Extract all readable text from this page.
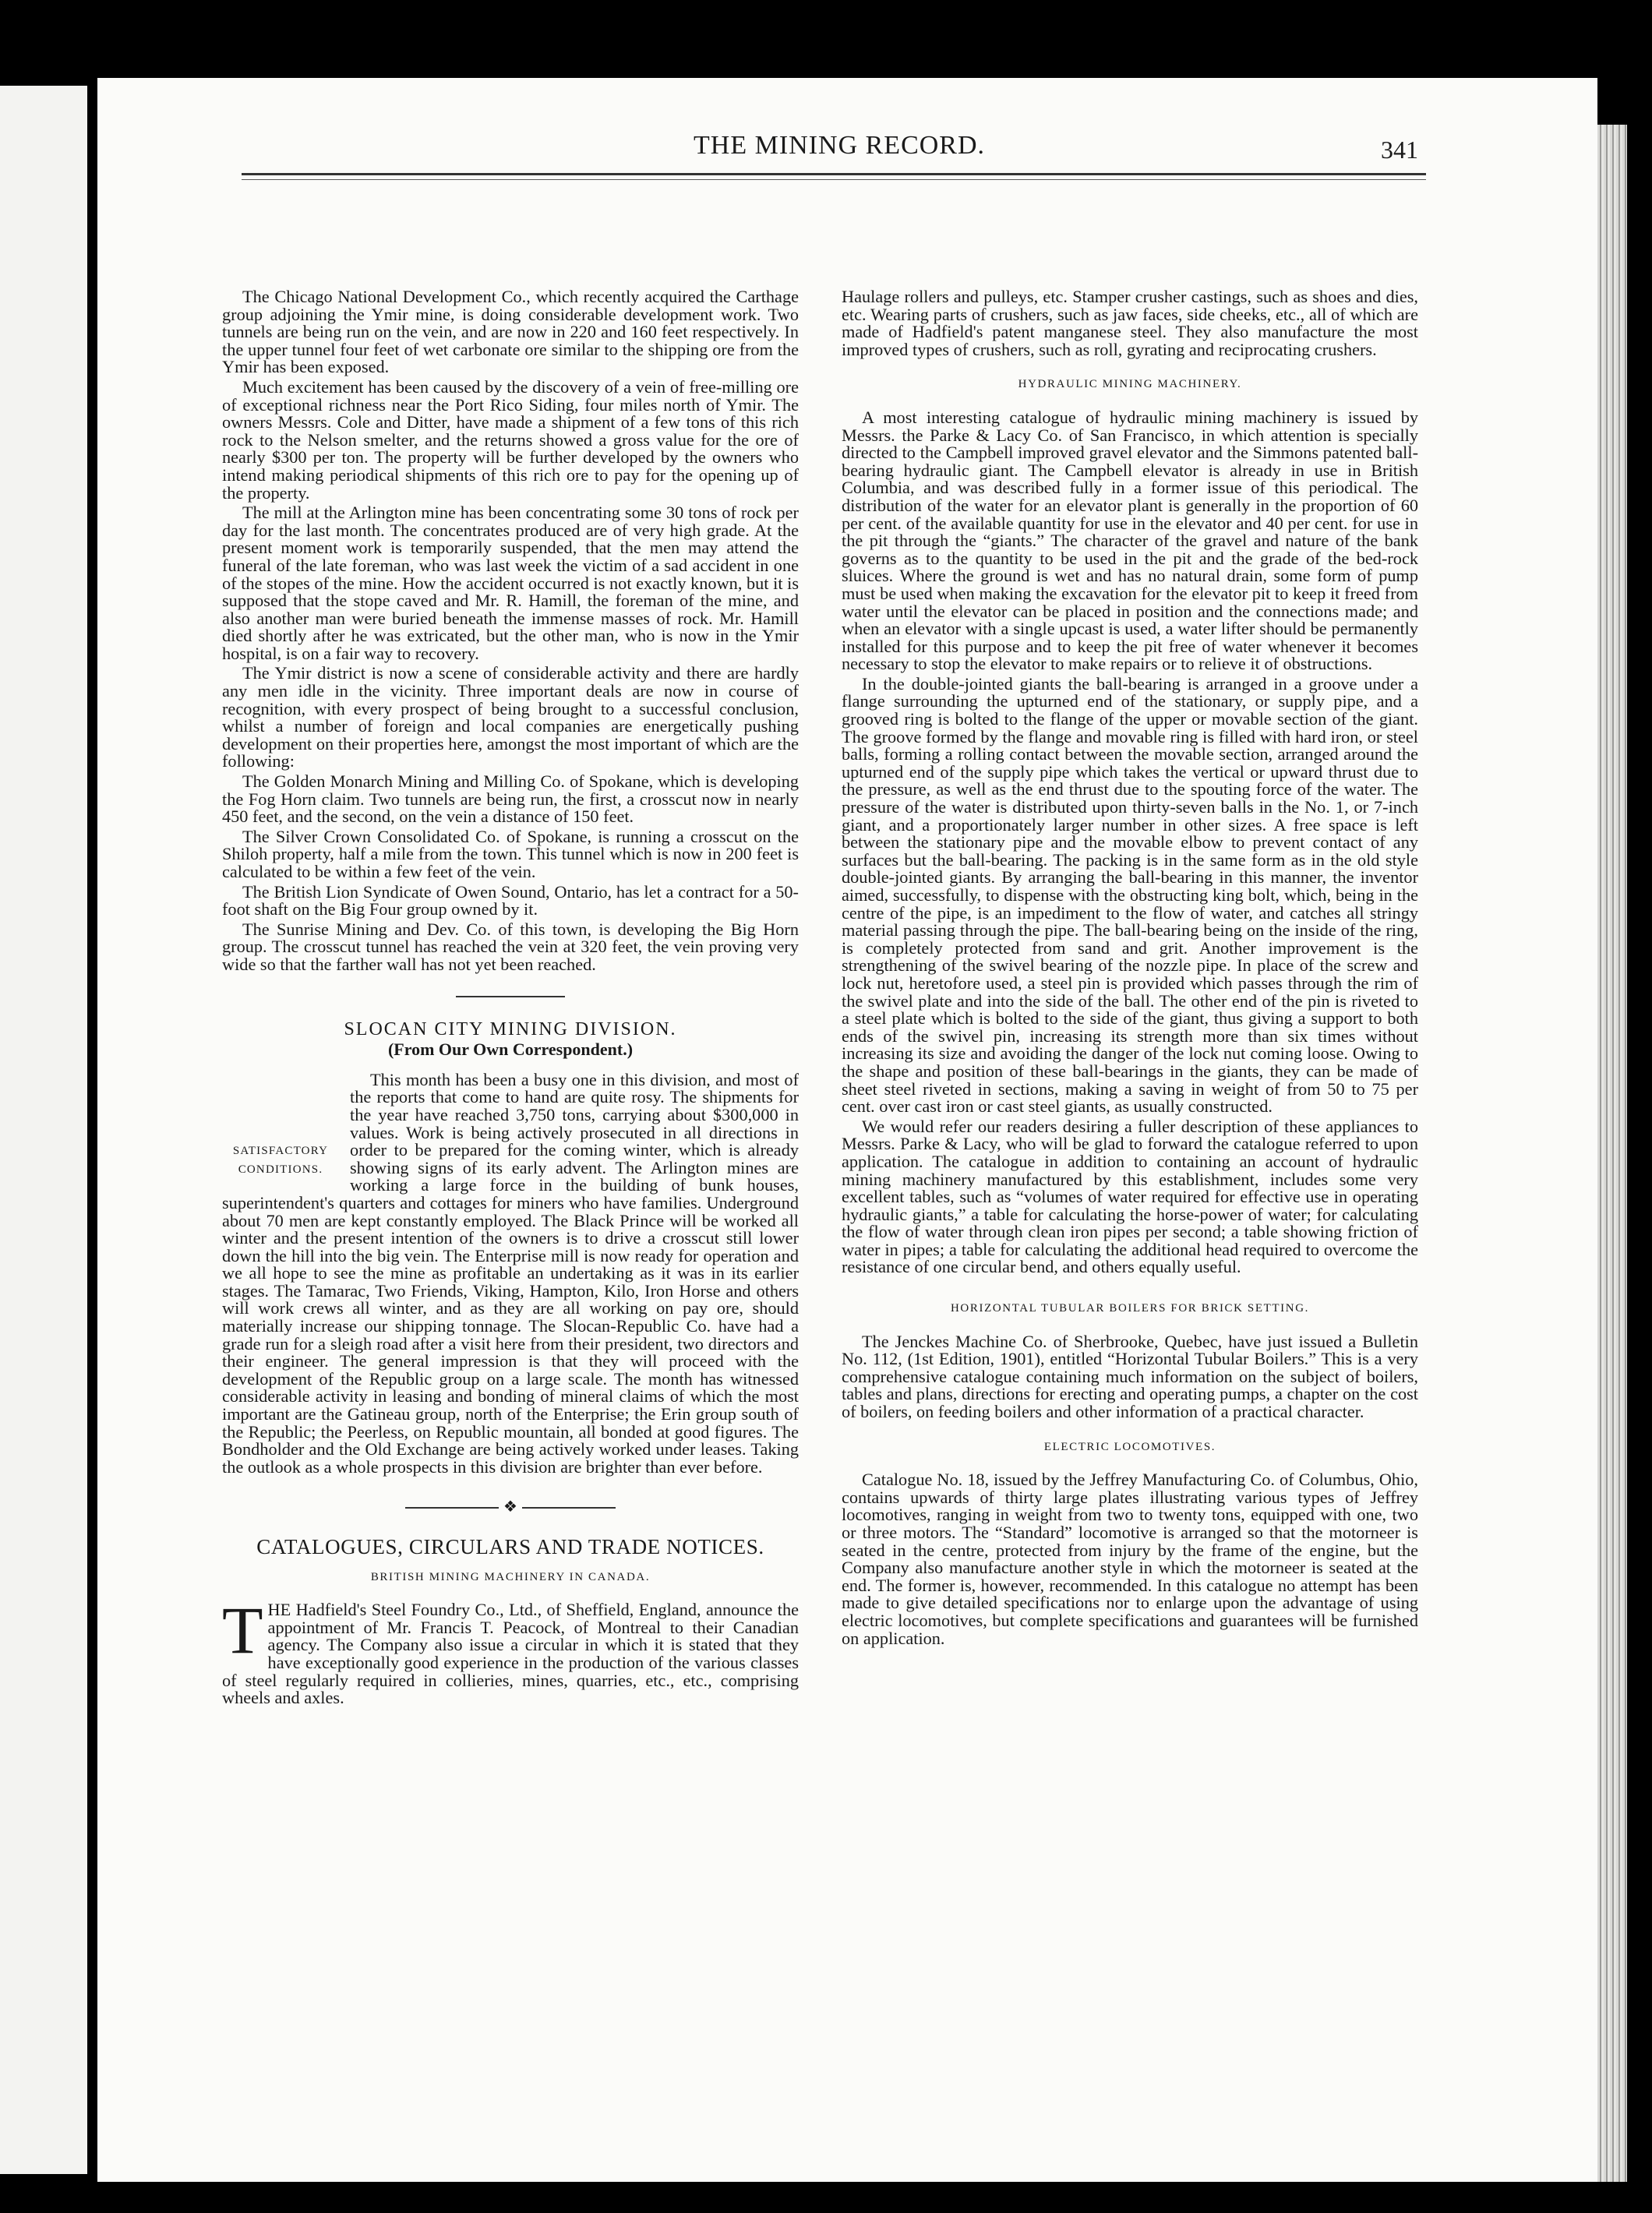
THE MINING RECORD.	341

The Chicago National Development Co., which recently acquired the Carthage group adjoining the Ymir mine, is doing considerable development work. Two tunnels are being run on the vein, and are now in 220 and 160 feet respectively. In the upper tunnel four feet of wet carbonate ore similar to the shipping ore from the Ymir has been exposed.

Much excitement has been caused by the discovery of a vein of free-milling ore of exceptional richness near the Port Rico Siding, four miles north of Ymir. The owners Messrs. Cole and Ditter, have made a shipment of a few tons of this rich rock to the Nelson smelter, and the returns showed a gross value for the ore of nearly $300 per ton. The property will be further developed by the owners who intend making periodical shipments of this rich ore to pay for the opening up of the property.

The mill at the Arlington mine has been concentrating some 30 tons of rock per day for the last month. The concentrates produced are of very high grade. At the present moment work is temporarily suspended, that the men may attend the funeral of the late foreman, who was last week the victim of a sad accident in one of the stopes of the mine. How the accident occurred is not exactly known, but it is supposed that the stope caved and Mr. R. Hamill, the foreman of the mine, and also another man were buried beneath the immense masses of rock. Mr. Hamill died shortly after he was extricated, but the other man, who is now in the Ymir hospital, is on a fair way to recovery.

The Ymir district is now a scene of considerable activity and there are hardly any men idle in the vicinity. Three important deals are now in course of recognition, with every prospect of being brought to a successful conclusion, whilst a number of foreign and local companies are energetically pushing development on their properties here, amongst the most important of which are the following:

The Golden Monarch Mining and Milling Co. of Spokane, which is developing the Fog Horn claim. Two tunnels are being run, the first, a crosscut now in nearly 450 feet, and the second, on the vein a distance of 150 feet.

The Silver Crown Consolidated Co. of Spokane, is running a crosscut on the Shiloh property, half a mile from the town. This tunnel which is now in 200 feet is calculated to be within a few feet of the vein.

The British Lion Syndicate of Owen Sound, Ontario, has let a contract for a 50-foot shaft on the Big Four group owned by it.

The Sunrise Mining and Dev. Co. of this town, is developing the Big Horn group. The crosscut tunnel has reached the vein at 320 feet, the vein proving very wide so that the farther wall has not yet been reached.

SLOCAN CITY MINING DIVISION.
(From Our Own Correspondent.)
SATISFACTORY
CONDITIONS.

This month has been a busy one in this division, and most of the reports that come to hand are quite rosy. The shipments for the year have reached 3,750 tons, carrying about $300,000 in values. Work is being actively prosecuted in all directions in order to be prepared for the coming winter, which is already showing signs of its early advent. The Arlington mines are working a large force in the building of bunk houses, superintendent's quarters and cottages for miners who have families. Underground about 70 men are kept constantly employed. The Black Prince will be worked all winter and the present intention of the owners is to drive a crosscut still lower down the hill into the big vein. The Enterprise mill is now ready for operation and we all hope to see the mine as profitable an undertaking as it was in its earlier stages. The Tamarac, Two Friends, Viking, Hampton, Kilo, Iron Horse and others will work crews all winter, and as they are all working on pay ore, should materially increase our shipping tonnage. The Slocan-Republic Co. have had a grade run for a sleigh road after a visit here from their president, two directors and their engineer. The general impression is that they will proceed with the development of the Republic group on a large scale. The month has witnessed considerable activity in leasing and bonding of mineral claims of which the most important are the Gatineau group, north of the Enterprise; the Erin group south of the Republic; the Peerless, on Republic mountain, all bonded at good figures. The Bondholder and the Old Exchange are being actively worked under leases. Taking the outlook as a whole prospects in this division are brighter than ever before.

❖
CATALOGUES, CIRCULARS AND TRADE NOTICES.
BRITISH MINING MACHINERY IN CANADA.

THE Hadfield's Steel Foundry Co., Ltd., of Sheffield, England, announce the appointment of Mr. Francis T. Peacock, of Montreal to their Canadian agency. The Company also issue a circular in which it is stated that they have exceptionally good experience in the production of the various classes of steel regularly required in collieries, mines, quarries, etc., etc., comprising wheels and axles.

Haulage rollers and pulleys, etc. Stamper crusher castings, such as shoes and dies, etc. Wearing parts of crushers, such as jaw faces, side cheeks, etc., all of which are made of Hadfield's patent manganese steel. They also manufacture the most improved types of crushers, such as roll, gyrating and reciprocating crushers.

HYDRAULIC MINING MACHINERY.

A most interesting catalogue of hydraulic mining machinery is issued by Messrs. the Parke & Lacy Co. of San Francisco, in which attention is specially directed to the Campbell improved gravel elevator and the Simmons patented ball-bearing hydraulic giant. The Campbell elevator is already in use in British Columbia, and was described fully in a former issue of this periodical. The distribution of the water for an elevator plant is generally in the proportion of 60 per cent. of the available quantity for use in the elevator and 40 per cent. for use in the pit through the “giants.” The character of the gravel and nature of the bank governs as to the quantity to be used in the pit and the grade of the bed-rock sluices. Where the ground is wet and has no natural drain, some form of pump must be used when making the excavation for the elevator pit to keep it freed from water until the elevator can be placed in position and the connections made; and when an elevator with a single upcast is used, a water lifter should be permanently installed for this purpose and to keep the pit free of water whenever it becomes necessary to stop the elevator to make repairs or to relieve it of obstructions.

In the double-jointed giants the ball-bearing is arranged in a groove under a flange surrounding the upturned end of the stationary, or supply pipe, and a grooved ring is bolted to the flange of the upper or movable section of the giant. The groove formed by the flange and movable ring is filled with hard iron, or steel balls, forming a rolling contact between the movable section, arranged around the upturned end of the supply pipe which takes the vertical or upward thrust due to the pressure, as well as the end thrust due to the spouting force of the water. The pressure of the water is distributed upon thirty-seven balls in the No. 1, or 7-inch giant, and a proportionately larger number in other sizes. A free space is left between the stationary pipe and the movable elbow to prevent contact of any surfaces but the ball-bearing. The packing is in the same form as in the old style double-jointed giants. By arranging the ball-bearing in this manner, the inventor aimed, successfully, to dispense with the obstructing king bolt, which, being in the centre of the pipe, is an impediment to the flow of water, and catches all stringy material passing through the pipe. The ball-bearing being on the inside of the ring, is completely protected from sand and grit. Another improvement is the strengthening of the swivel bearing of the nozzle pipe. In place of the screw and lock nut, heretofore used, a steel pin is provided which passes through the rim of the swivel plate and into the side of the ball. The other end of the pin is riveted to a steel plate which is bolted to the side of the giant, thus giving a support to both ends of the swivel pin, increasing its strength more than six times without increasing its size and avoiding the danger of the lock nut coming loose. Owing to the shape and position of these ball-bearings in the giants, they can be made of sheet steel riveted in sections, making a saving in weight of from 50 to 75 per cent. over cast iron or cast steel giants, as usually constructed.

We would refer our readers desiring a fuller description of these appliances to Messrs. Parke & Lacy, who will be glad to forward the catalogue referred to upon application. The catalogue in addition to containing an account of hydraulic mining machinery manufactured by this establishment, includes some very excellent tables, such as “volumes of water required for effective use in operating hydraulic giants,” a table for calculating the horse-power of water; for calculating the flow of water through clean iron pipes per second; a table showing friction of water in pipes; a table for calculating the additional head required to overcome the resistance of one circular bend, and others equally useful.

HORIZONTAL TUBULAR BOILERS FOR BRICK SETTING.

The Jenckes Machine Co. of Sherbrooke, Quebec, have just issued a Bulletin No. 112, (1st Edition, 1901), entitled “Horizontal Tubular Boilers.” This is a very comprehensive catalogue containing much information on the subject of boilers, tables and plans, directions for erecting and operating pumps, a chapter on the cost of boilers, on feeding boilers and other information of a practical character.

ELECTRIC LOCOMOTIVES.

Catalogue No. 18, issued by the Jeffrey Manufacturing Co. of Columbus, Ohio, contains upwards of thirty large plates illustrating various types of Jeffrey locomotives, ranging in weight from two to twenty tons, equipped with one, two or three motors. The “Standard” locomotive is arranged so that the motorneer is seated in the centre, protected from injury by the frame of the engine, but the Company also manufacture another style in which the motorneer is seated at the end. The former is, however, recommended. In this catalogue no attempt has been made to give detailed specifications nor to enlarge upon the advantage of using electric locomotives, but complete specifications and guarantees will be furnished on application.
